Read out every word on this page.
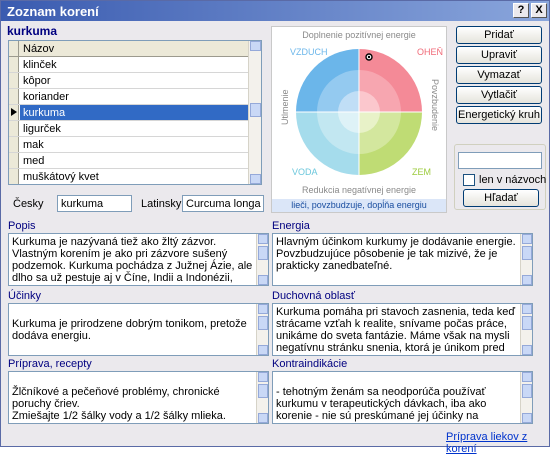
Zoznam korení	? X
kurkuma
Názov
klinček
kôpor
koriander
kurkuma
ligurček
mak
med
muškátový kvet
Česky	kurkuma	Latinsky Curcuma longa
Doplnenie pozitívnej energie
Redukcia negatívnej energie
Utlmenie	Povzbudenie
VZDUCH	OHEŇ
VODA	ZEM
lieči, povzbudzuje, dopĺňa energiu
Pridať
Upraviť
Vymazať
Vytlačiť
Energetický kruh
len v názvoch
Hľadať
Popis
Kurkuma je nazývaná tiež ako žltý zázvor. Vlastným korením je ako pri zázvore sušený podzemok. Kurkuma pochádza z Južnej Ázie, ale dlho sa už pestuje aj v Číne, Indii a Indonézii,
Energia
Hlavným účinkom kurkumy je dodávanie energie. Povzbudzujúce pôsobenie je tak mizivé, že je prakticky zanedbateľné.
Účinky

Kurkuma je prirodzene dobrým tonikom, pretože dodáva energiu.

Duchovná oblasť
Kurkuma pomáha pri stavoch zasnenia, teda keď strácame vzťah k realite, snívame počas práce, unikáme do sveta fantázie. Máme však na mysli negatívnu stránku snenia, ktorá je únikom pred
Príprava, recepty

Žlčníkové a pečeňové problémy, chronické poruchy čriev.
Zmiešajte 1/2 šálky vody a 1/2 šálky mlieka.

Kontraindikácie

- tehotným ženám sa neodporúča používať kurkumu v terapeutických dávkach, iba ako korenie - nie sú preskúmané jej účinky na

Príprava liekov z korení
